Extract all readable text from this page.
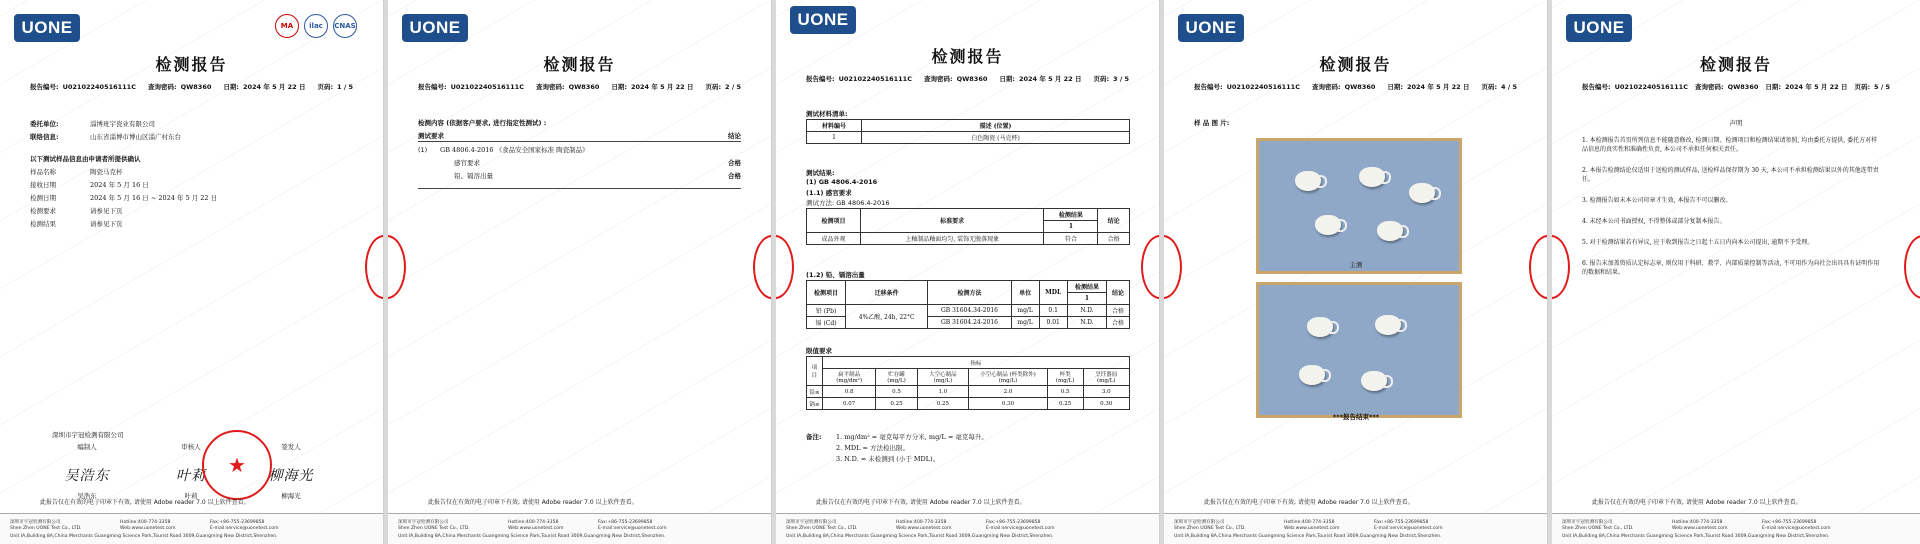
UONE	MA	ilac	CNAS
检测报告
报告编号: U02102240516111C 查询密码: QW8360 日期: 2024 年 5 月 22 日 页码: 1 / 5
委托单位:	淄博班宇瓷业有限公司
联络信息:	山东省淄博市博山区淄广村东台
以下测试样品信息由申请者所提供确认
样品名称	陶瓷马克杯
接收日期	2024 年 5 月 16 日
检测日期	2024 年 5 月 16 日 ~ 2024 年 5 月 22 日
检测要求	请参见下页
检测结果	请参见下页
深圳市宇冠检测有限公司
编制人
吴浩东
吴浩东
审核人
叶莉
叶莉
签发人
柳海光
柳海光
★
此报告仅在有效的电子印章下有效, 请使用 Adobe reader 7.0 以上软件查看。
深圳市宇冠检测有限公司
Shen Zhen UONE Test Co., LTD.
Hotline:400-774-3358
Web:www.uonetest.com
Fax:+86-755-23699858
E-mail:service@uonetest.com
Unit IA,Building 8A,China Merchants Guangming Science Park,Tourist Road 3009,Guangming New District,Shenzhen.
UONE
检测报告
报告编号: U02102240516111C 查询密码: QW8360 日期: 2024 年 5 月 22 日 页码: 2 / 5
检测内容 (依据客户要求, 进行指定性测试) :
测试要求	结论
(1)	GB 4806.4-2016 《食品安全国家标准 陶瓷制品》
感官要求	合格
铅、镉溶出量	合格
此报告仅在有效的电子印章下有效, 请使用 Adobe reader 7.0 以上软件查看。
深圳市宇冠检测有限公司
Shen Zhen UONE Test Co., LTD.
Hotline:400-774-3358
Web:www.uonetest.com
Fax:+86-755-23699858
E-mail:service@uonetest.com
Unit IA,Building 8A,China Merchants Guangming Science Park,Tourist Road 3009,Guangming New District,Shenzhen.
UONE
检测报告
报告编号: U02102240516111C 查询密码: QW8360 日期: 2024 年 5 月 22 日 页码: 3 / 5
测试材料清单:
材料编号	描述 (位置)
1	白色陶瓷 (马克杯)
测试结果:
(1) GB 4806.4-2016
(1.1) 感官要求
测试方法: GB 4806.4-2016
检测项目	标准要求	检测结果	结论
		1	
成品外观	上釉制品釉面均匀, 装饰无脱落现象	符合	合格
(1.2) 铅、镉溶出量
检测项目	迁移条件	检测方法	单位	MDL	检测结果	结论
					1	
铅 (Pb)	4%乙酸, 24h, 22°C	GB 31604.34-2016	mg/L	0.1	N.D.	合格
镉 (Cd)		GB 31604.24-2016	mg/L	0.01	N.D.	合格
限值要求
项目	指标					
	扁平制品 (mg/dm²)	贮存罐 (mg/L)	大空心制品 (mg/L)	小空心制品 (杯类除外) (mg/L)	杯类 (mg/L)	烹饪器皿 (mg/L)
铅≤	0.8	0.5	1.0	2.0	0.5	3.0
镉≤	0.07	0.25	0.25	0.30	0.25	0.30
备注: 1. mg/dm² = 毫克每平方分米, mg/L = 毫克每升。
2. MDL = 方法检出限。
3. N.D. = 未检测到 (小于 MDL)。
此报告仅在有效的电子印章下有效, 请使用 Adobe reader 7.0 以上软件查看。
深圳市宇冠检测有限公司
Shen Zhen UONE Test Co., LTD.
Hotline:400-774-3358
Web:www.uonetest.com
Fax:+86-755-23699858
E-mail:service@uonetest.com
Unit IA,Building 8A,China Merchants Guangming Science Park,Tourist Road 3009,Guangming New District,Shenzhen.
UONE
检测报告
报告编号: U02102240516111C 查询密码: QW8360 日期: 2024 年 5 月 22 日 页码: 4 / 5
样 品 图 片:
主测
***报告结束***
此报告仅在有效的电子印章下有效, 请使用 Adobe reader 7.0 以上软件查看。
深圳市宇冠检测有限公司
Shen Zhen UONE Test Co., LTD.
Hotline:400-774-3358
Web:www.uonetest.com
Fax:+86-755-23699858
E-mail:service@uonetest.com
Unit IA,Building 8A,China Merchants Guangming Science Park,Tourist Road 3009,Guangming New District,Shenzhen.
UONE
检测报告
报告编号: U02102240516111C 查询密码: QW8360 日期: 2024 年 5 月 22 日 页码: 5 / 5
声明

1. 本检测报告首页所列信息不能随意修改, 检测日期、检测项目和检测结果请参照, 均由委托方提供, 委托方对样品信息的真实性和准确性负责, 本公司不承担任何相关责任。

2. 本报告检测结论仅适用于送检的测试样品, 送检样品保存期为 30 天, 本公司不承担检测结果以外的其他连带责任。

3. 检测报告如未本公司印章才生效, 本报告不可以删改。

4. 未经本公司书面授权, 不得整体或部分复制本报告。

5. 对于检测结果若有异议, 应于收到报告之日起十五日内向本公司提出, 逾期不予受理。

6. 报告未加盖资质认定标志章, 则仅用于科研、教学、内部质量控制等活动, 不可用作为向社会出具具有证明作用的数据和结果。

此报告仅在有效的电子印章下有效, 请使用 Adobe reader 7.0 以上软件查看。
深圳市宇冠检测有限公司
Shen Zhen UONE Test Co., LTD.
Hotline:400-774-3358
Web:www.uonetest.com
Fax:+86-755-23699858
E-mail:service@uonetest.com
Unit IA,Building 8A,China Merchants Guangming Science Park,Tourist Road 3009,Guangming New District,Shenzhen.
